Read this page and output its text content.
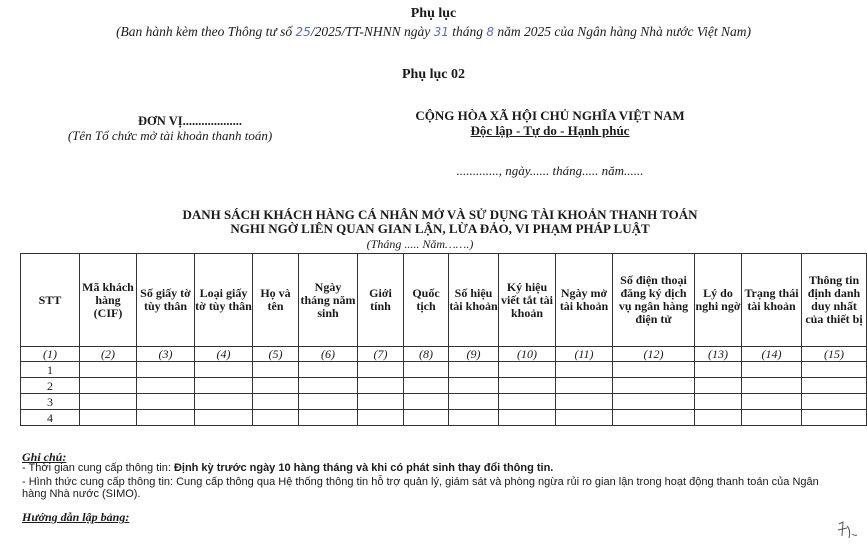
Phụ lục
(Ban hành kèm theo Thông tư số 25/2025/TT-NHNN ngày 31 tháng 8 năm 2025 của Ngân hàng Nhà nước Việt Nam)
Phụ lục 02
ĐƠN VỊ...................
(Tên Tổ chức mở tài khoản thanh toán)
CỘNG HÒA XÃ HỘI CHỦ NGHĨA VIỆT NAM
Độc lập - Tự do - Hạnh phúc
............., ngày...... tháng..... năm......
DANH SÁCH KHÁCH HÀNG CÁ NHÂN MỞ VÀ SỬ DỤNG TÀI KHOẢN THANH TOÁN
NGHI NGỜ LIÊN QUAN GIAN LẬN, LỪA ĐẢO, VI PHẠM PHÁP LUẬT
(Tháng ..... Năm…….)
STT	Mã khách hàng (CIF)	Số giấy tờ tùy thân	Loại giấy tờ tùy thân	Họ và tên	Ngày tháng năm sinh	Giới tính	Quốc tịch	Số hiệu tài khoản	Ký hiệu viết tắt tài khoản	Ngày mở tài khoản	Số điện thoại đăng ký dịch vụ ngân hàng điện tử	Lý do nghi ngờ	Trạng thái tài khoản	Thông tin định danh duy nhất của thiết bị
(1)	(2)	(3)	(4)	(5)	(6)	(7)	(8)	(9)	(10)	(11)	(12)	(13)	(14)	(15)
1														
2														
3														
4														
Ghi chú:
- Thời gian cung cấp thông tin: Định kỳ trước ngày 10 hàng tháng và khi có phát sinh thay đổi thông tin.
- Hình thức cung cấp thông tin: Cung cấp thông qua Hệ thống thông tin hỗ trợ quản lý, giám sát và phòng ngừa rủi ro gian lận trong hoạt động thanh toán của Ngân hàng Nhà nước (SIMO).
Hướng dẫn lập bảng:
